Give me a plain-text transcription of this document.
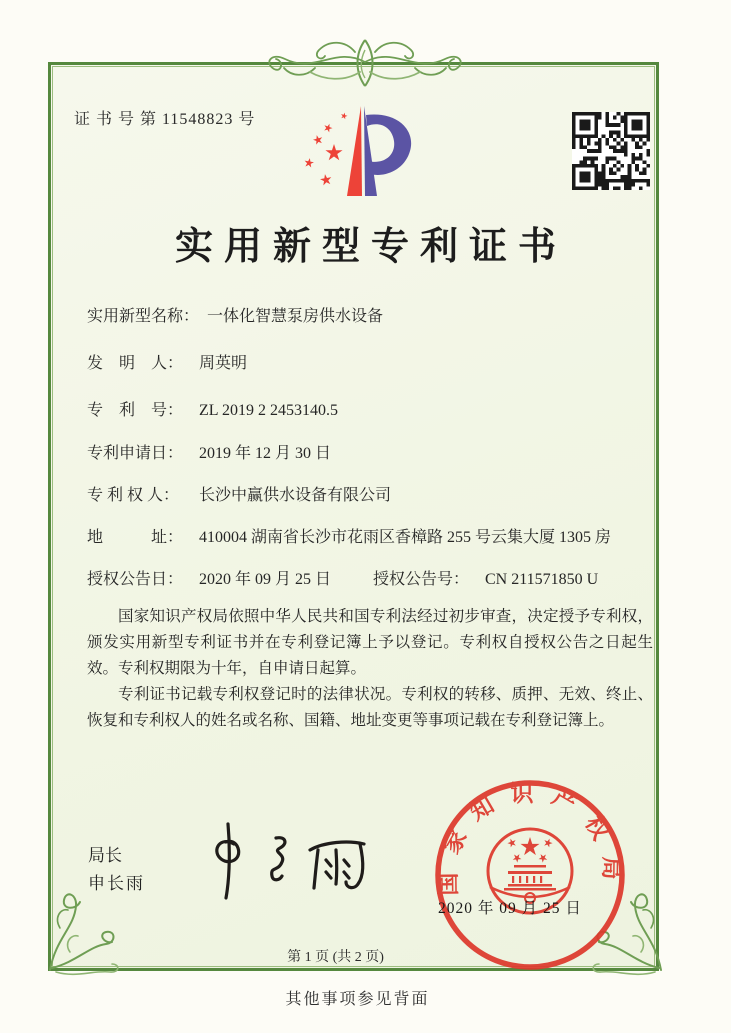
证 书 号 第 11548823 号
实用新型专利证书
实用新型名称： 一体化智慧泵房供水设备
发　明　人： 周英明
专　利　号： ZL 2019 2 2453140.5
专利申请日： 2019 年 12 月 30 日
专 利 权 人： 长沙中赢供水设备有限公司
地　　　址： 410004 湖南省长沙市花雨区香樟路 255 号云集大厦 1305 房
授权公告日： 2020 年 09 月 25 日	授权公告号： CN 211571850 U

国家知识产权局依照中华人民共和国专利法经过初步审查，决定授予专利权，颁发实用新型专利证书并在专利登记簿上予以登记。专利权自授权公告之日起生效。专利权期限为十年，自申请日起算。

专利证书记载专利权登记时的法律状况。专利权的转移、质押、无效、终止、恢复和专利权人的姓名或名称、国籍、地址变更等事项记载在专利登记簿上。

局长
申长雨	国家知识产权局
2020 年 09 月 25 日
第 1 页 (共 2 页)
其他事项参见背面
